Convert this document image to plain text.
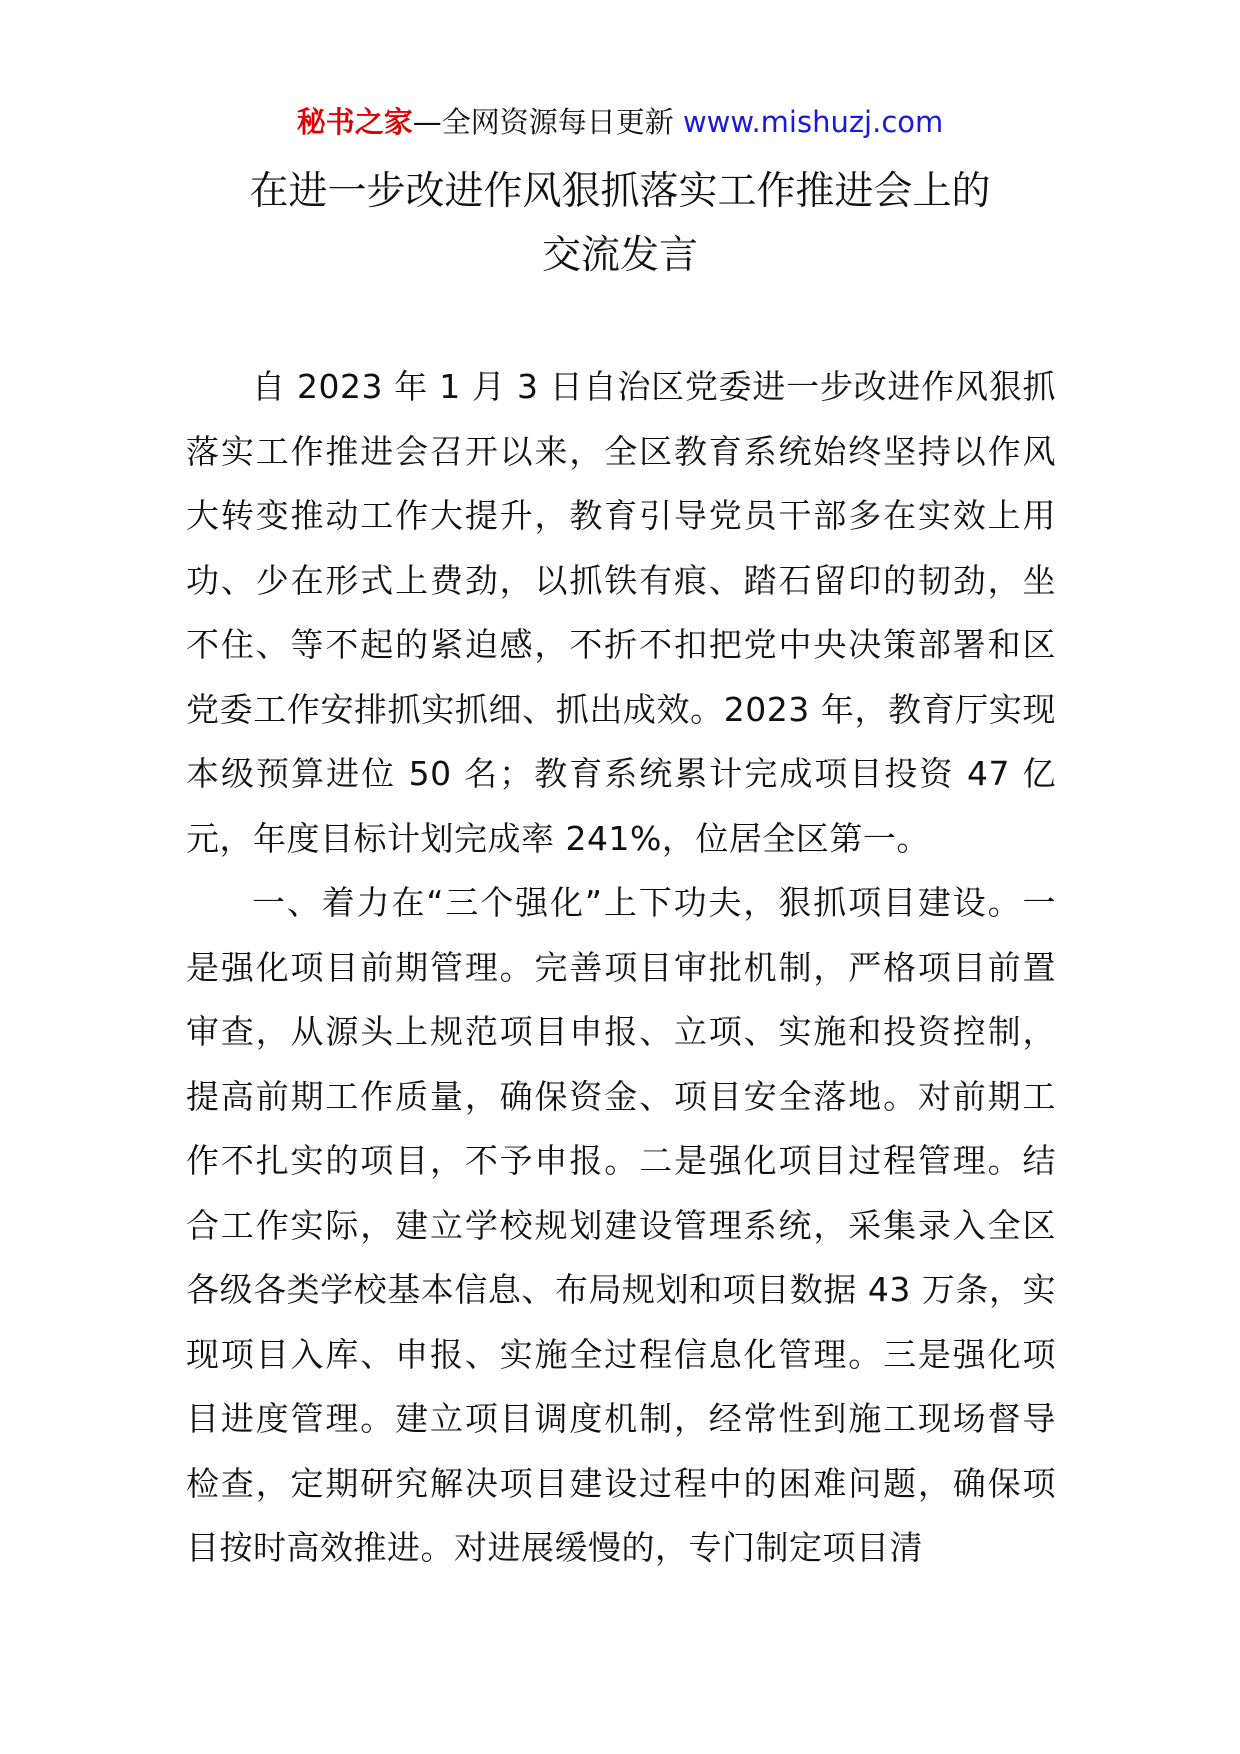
秘书之家—全网资源每日更新 www.mishuzj.com
在进一步改进作风狠抓落实工作推进会上的
交流发言

自 2023 年 1 月 3 日自治区党委进一步改进作风狠抓落实工作推进会召开以来，全区教育系统始终坚持以作风大转变推动工作大提升，教育引导党员干部多在实效上用功、少在形式上费劲，以抓铁有痕、踏石留印的韧劲，坐不住、等不起的紧迫感，不折不扣把党中央决策部署和区党委工作安排抓实抓细、抓出成效。2023 年，教育厅实现本级预算进位 50 名；教育系统累计完成项目投资 47 亿元，年度目标计划完成率 241%，位居全区第一。

一、着力在“三个强化”上下功夫，狠抓项目建设。一是强化项目前期管理。完善项目审批机制，严格项目前置审查，从源头上规范项目申报、立项、实施和投资控制，提高前期工作质量，确保资金、项目安全落地。对前期工作不扎实的项目，不予申报。二是强化项目过程管理。结合工作实际，建立学校规划建设管理系统，采集录入全区各级各类学校基本信息、布局规划和项目数据 43 万条，实现项目入库、申报、实施全过程信息化管理。三是强化项目进度管理。建立项目调度机制，经常性到施工现场督导检查，定期研究解决项目建设过程中的困难问题，确保项目按时高效推进。对进展缓慢的，专门制定项目清
